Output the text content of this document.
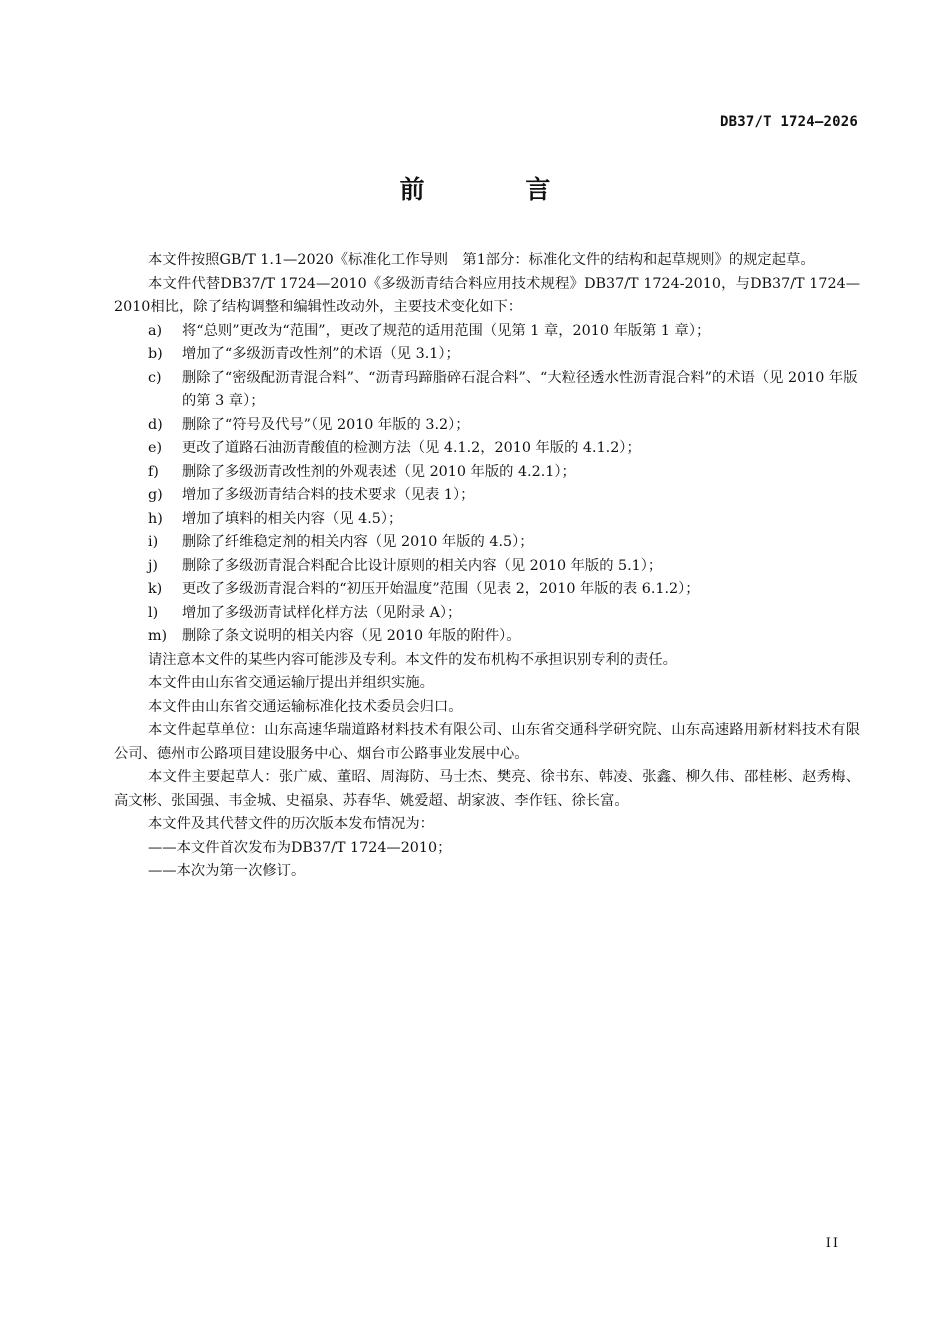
DB37/T 1724—2026
前 言

本文件按照GB/T 1.1—2020《标准化工作导则　第1部分：标准化文件的结构和起草规则》的规定起草。

本文件代替DB37/T 1724—2010《多级沥青结合料应用技术规程》DB37/T 1724-2010，与DB37/T 1724—2010相比，除了结构调整和编辑性改动外，主要技术变化如下：

a) 将“总则”更改为“范围”，更改了规范的适用范围（见第 1 章，2010 年版第 1 章）；

b) 增加了“多级沥青改性剂”的术语（见 3.1）；

c) 删除了“密级配沥青混合料”、“沥青玛蹄脂碎石混合料”、“大粒径透水性沥青混合料”的术语（见 2010 年版的第 3 章）；

d) 删除了“符号及代号”（见 2010 年版的 3.2）；

e) 更改了道路石油沥青酸值的检测方法（见 4.1.2，2010 年版的 4.1.2）；

f) 删除了多级沥青改性剂的外观表述（见 2010 年版的 4.2.1）；

g) 增加了多级沥青结合料的技术要求（见表 1）；

h) 增加了填料的相关内容（见 4.5）；

i) 删除了纤维稳定剂的相关内容（见 2010 年版的 4.5）；

j) 删除了多级沥青混合料配合比设计原则的相关内容（见 2010 年版的 5.1）；

k) 更改了多级沥青混合料的“初压开始温度”范围（见表 2，2010 年版的表 6.1.2）；

l) 增加了多级沥青试样化样方法（见附录 A）；

m) 删除了条文说明的相关内容（见 2010 年版的附件）。

请注意本文件的某些内容可能涉及专利。本文件的发布机构不承担识别专利的责任。

本文件由山东省交通运输厅提出并组织实施。

本文件由山东省交通运输标准化技术委员会归口。

本文件起草单位：山东高速华瑞道路材料技术有限公司、山东省交通科学研究院、山东高速路用新材料技术有限公司、德州市公路项目建设服务中心、烟台市公路事业发展中心。

本文件主要起草人：张广威、董昭、周海防、马士杰、樊亮、徐书东、韩凌、张鑫、柳久伟、邵桂彬、赵秀梅、高文彬、张国强、韦金城、史福泉、苏春华、姚爱超、胡家波、李作钰、徐长富。

本文件及其代替文件的历次版本发布情况为：

——本文件首次发布为DB37/T 1724—2010；

——本次为第一次修订。

II
